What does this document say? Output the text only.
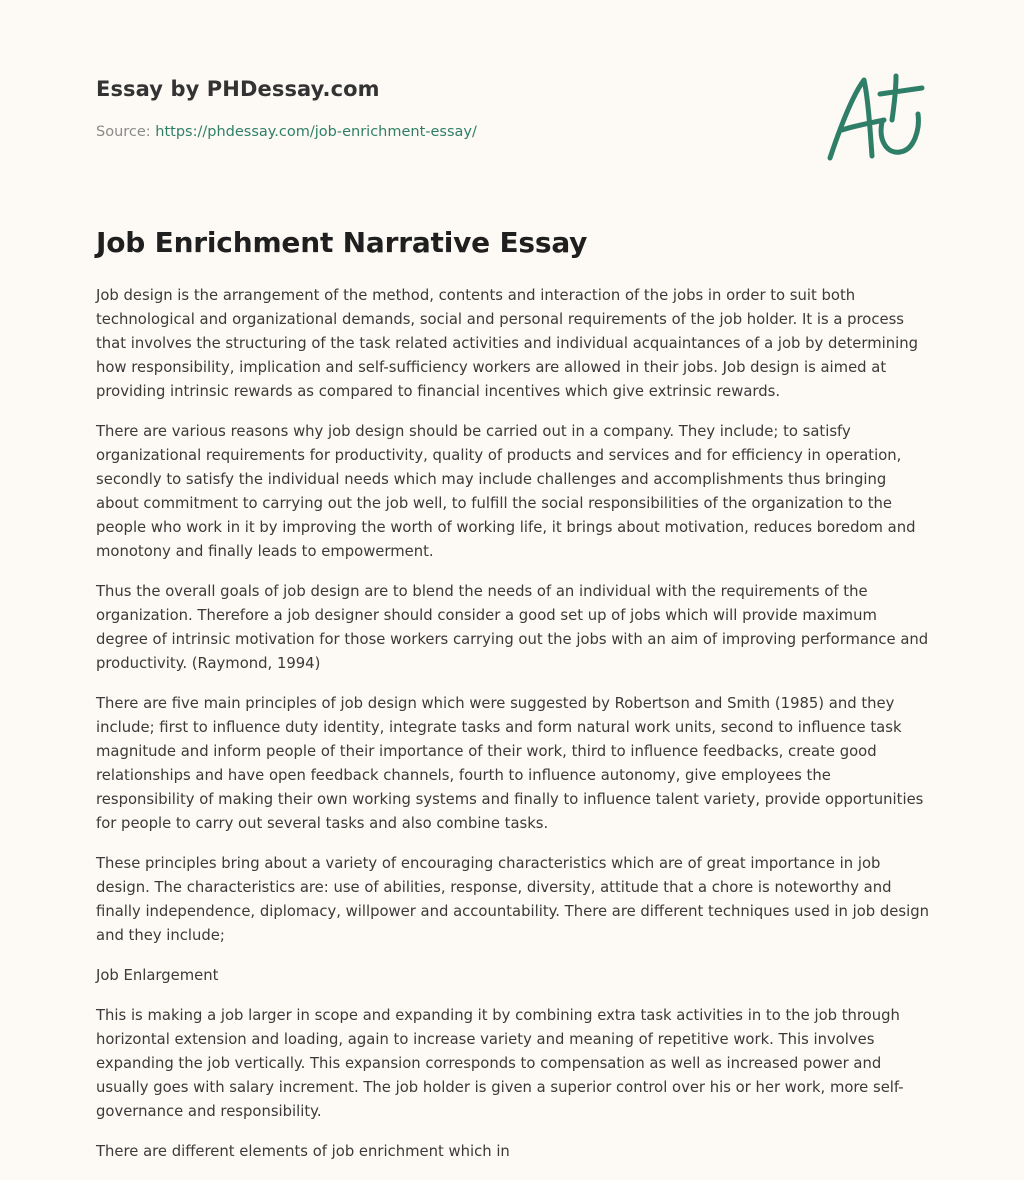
Essay by PHDessay.com
Source: https://phdessay.com/job-enrichment-essay/
Job Enrichment Narrative Essay

Job design is the arrangement of the method, contents and interaction of the jobs in order to suit both technological and organizational demands, social and personal requirements of the job holder. It is a process that involves the structuring of the task related activities and individual acquaintances of a job by determining how responsibility, implication and self-sufficiency workers are allowed in their jobs. Job design is aimed at providing intrinsic rewards as compared to financial incentives which give extrinsic rewards.

There are various reasons why job design should be carried out in a company. They include; to satisfy organizational requirements for productivity, quality of products and services and for efficiency in operation, secondly to satisfy the individual needs which may include challenges and accomplishments thus bringing about commitment to carrying out the job well, to fulfill the social responsibilities of the organization to the people who work in it by improving the worth of working life, it brings about motivation, reduces boredom and monotony and finally leads to empowerment.

Thus the overall goals of job design are to blend the needs of an individual with the requirements of the organization. Therefore a job designer should consider a good set up of jobs which will provide maximum degree of intrinsic motivation for those workers carrying out the jobs with an aim of improving performance and productivity. (Raymond, 1994)

There are five main principles of job design which were suggested by Robertson and Smith (1985) and they include; first to influence duty identity, integrate tasks and form natural work units, second to influence task magnitude and inform people of their importance of their work, third to influence feedbacks, create good relationships and have open feedback channels, fourth to influence autonomy, give employees the responsibility of making their own working systems and finally to influence talent variety, provide opportunities for people to carry out several tasks and also combine tasks.

These principles bring about a variety of encouraging characteristics which are of great importance in job design. The characteristics are: use of abilities, response, diversity, attitude that a chore is noteworthy and finally independence, diplomacy, willpower and accountability. There are different techniques used in job design and they include;

Job Enlargement

This is making a job larger in scope and expanding it by combining extra task activities in to the job through horizontal extension and loading, again to increase variety and meaning of repetitive work. This involves expanding the job vertically. This expansion corresponds to compensation as well as increased power and usually goes with salary increment. The job holder is given a superior control over his or her work, more self-governance and responsibility.

There are different elements of job enrichment which in
